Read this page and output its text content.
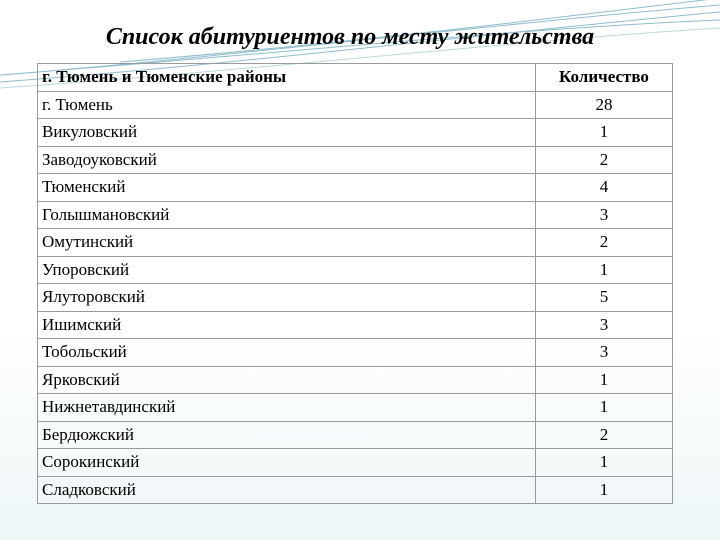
Список абитуриентов по месту жительства
г. Тюмень и Тюменские районы	Количество
г. Тюмень	28
Викуловский	1
Заводоуковский	2
Тюменский	4
Голышмановский	3
Омутинский	2
Упоровский	1
Ялуторовский	5
Ишимский	3
Тобольский	3
Ярковский	1
Нижнетавдинский	1
Бердюжский	2
Сорокинский	1
Сладковский	1
